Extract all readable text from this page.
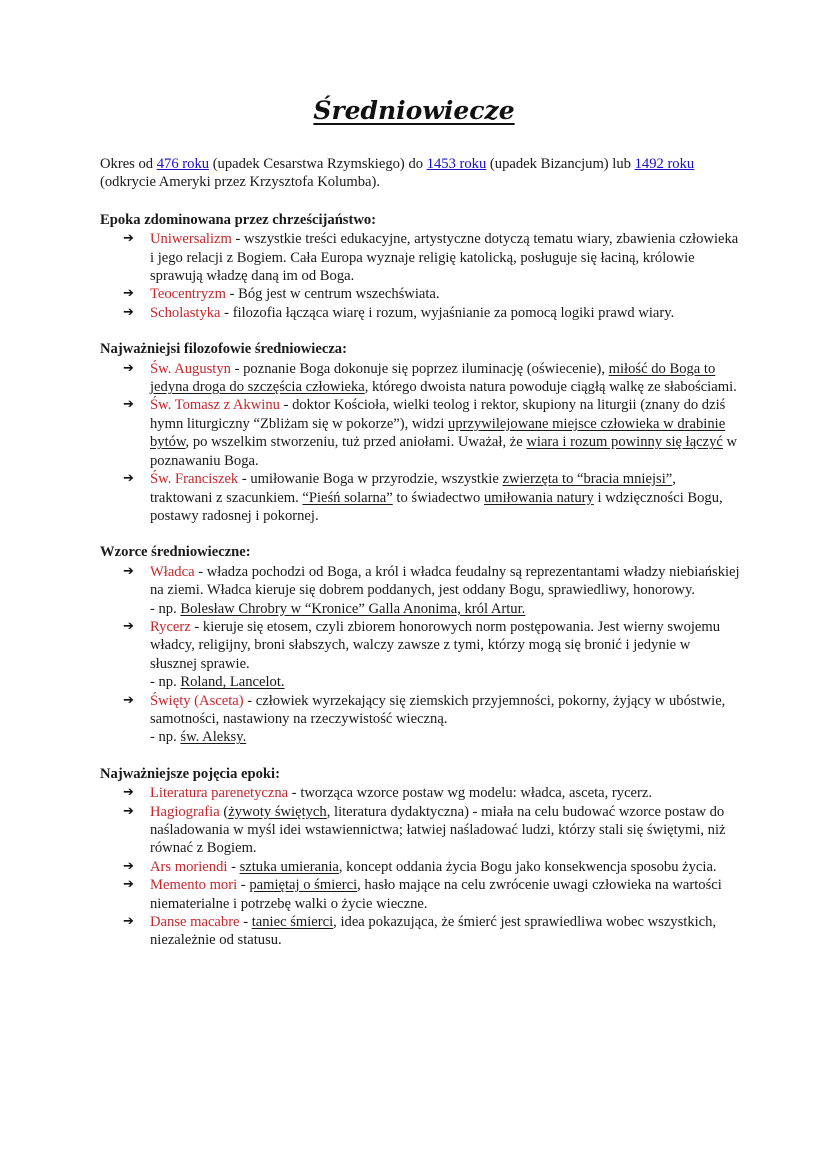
Średniowiecze

Okres od 476 roku (upadek Cesarstwa Rzymskiego) do 1453 roku (upadek Bizancjum) lub 1492 roku (odkrycie Ameryki przez Krzysztofa Kolumba).

Epoka zdominowana przez chrześcijaństwo:
➔ Uniwersalizm - wszystkie treści edukacyjne, artystyczne dotyczą tematu wiary, zbawienia człowieka i jego relacji z Bogiem. Cała Europa wyznaje religię katolicką, posługuje się łaciną, królowie sprawują władzę daną im od Boga.
➔ Teocentryzm - Bóg jest w centrum wszechświata.
➔ Scholastyka - filozofia łącząca wiarę i rozum, wyjaśnianie za pomocą logiki prawd wiary.
Najważniejsi filozofowie średniowiecza:
➔ Św. Augustyn - poznanie Boga dokonuje się poprzez iluminację (oświecenie), miłość do Boga to jedyna droga do szczęścia człowieka, którego dwoista natura powoduje ciągłą walkę ze słabościami.
➔ Św. Tomasz z Akwinu - doktor Kościoła, wielki teolog i rektor, skupiony na liturgii (znany do dziś hymn liturgiczny “Zbliżam się w pokorze”), widzi uprzywilejowane miejsce człowieka w drabinie bytów, po wszelkim stworzeniu, tuż przed aniołami. Uważał, że wiara i rozum powinny się łączyć w poznawaniu Boga.
➔ Św. Franciszek - umiłowanie Boga w przyrodzie, wszystkie zwierzęta to “bracia mniejsi”, traktowani z szacunkiem. “Pieśń solarna” to świadectwo umiłowania natury i wdzięczności Bogu, postawy radosnej i pokornej.
Wzorce średniowieczne:
➔ Władca - władza pochodzi od Boga, a król i władca feudalny są reprezentantami władzy niebiańskiej na ziemi. Władca kieruje się dobrem poddanych, jest oddany Bogu, sprawiedliwy, honorowy.
- np. Bolesław Chrobry w “Kronice” Galla Anonima, król Artur.
➔ Rycerz - kieruje się etosem, czyli zbiorem honorowych norm postępowania. Jest wierny swojemu władcy, religijny, broni słabszych, walczy zawsze z tymi, którzy mogą się bronić i jedynie w słusznej sprawie.
- np. Roland, Lancelot.
➔ Święty (Asceta) - człowiek wyrzekający się ziemskich przyjemności, pokorny, żyjący w ubóstwie, samotności, nastawiony na rzeczywistość wieczną.
- np. św. Aleksy.
Najważniejsze pojęcia epoki:
➔ Literatura parenetyczna - tworząca wzorce postaw wg modelu: władca, asceta, rycerz.
➔ Hagiografia (żywoty świętych, literatura dydaktyczna) - miała na celu budować wzorce postaw do naśladowania w myśl idei wstawiennictwa; łatwiej naśladować ludzi, którzy stali się świętymi, niż równać z Bogiem.
➔ Ars moriendi - sztuka umierania, koncept oddania życia Bogu jako konsekwencja sposobu życia.
➔ Memento mori - pamiętaj o śmierci, hasło mające na celu zwrócenie uwagi człowieka na wartości niematerialne i potrzebę walki o życie wieczne.
➔ Danse macabre - taniec śmierci, idea pokazująca, że śmierć jest sprawiedliwa wobec wszystkich, niezależnie od statusu.
